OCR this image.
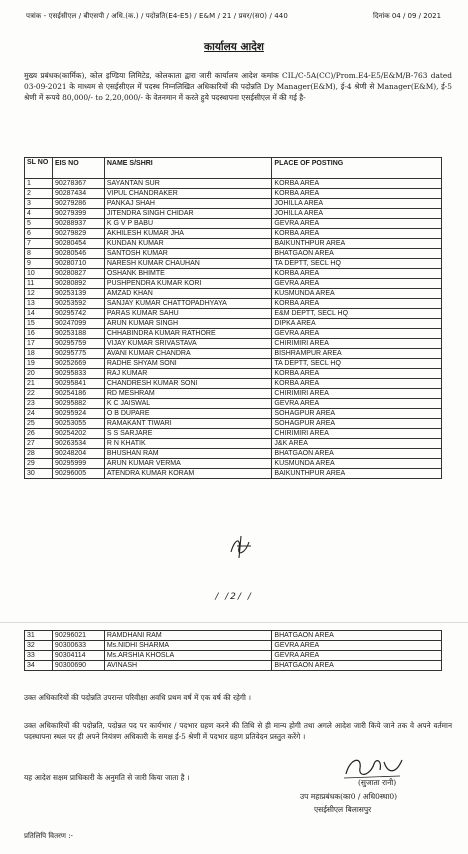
पत्रांक - एसईसीएल / बीएसपी / अधि.(क.) / पदोन्नति(E4-E5) / E&M / 21 / प्रवर/(स0) / 440	दिनांक 04 / 09 / 2021
कार्यालय आदेश
मुख्य प्रबंधक(कार्मिक), कोल इण्डिया लिमिटेड, कोलकाता द्वारा जारी कार्यालय आदेश कमांक CIL/C-5A(CC)/Prom.E4-E5/E&M/B-763 dated 03-09-2021 के माध्यम से एसईसीएल में पदस्थ निम्नलिखित अधिकारियों की पदोन्नति Dy Manager(E&M), ई-4 श्रेणी से Manager(E&M), ई-5 श्रेणी में रूपये 80,000/- to 2,20,000/- के वेतनमान में करते हुये पदस्थापना एसईसीएल में की गई है-
SL NO	EIS NO	NAME S/SHRI	PLACE OF POSTING
1	90278367	SAYANTAN SUR	KORBA AREA
2	90287434	VIPUL CHANDRAKER	KORBA AREA
3	90279286	PANKAJ SHAH	JOHILLA AREA
4	90279399	JITENDRA SINGH CHIDAR	JOHILLA AREA
5	90288937	K G V P BABU	GEVRA AREA
6	90279829	AKHILESH KUMAR JHA	KORBA AREA
7	90280454	KUNDAN KUMAR	BAIKUNTHPUR AREA
8	90280546	SANTOSH KUMAR	BHATGAON AREA
9	90280710	NARESH KUMAR CHAUHAN	TA DEPTT, SECL HQ
10	90280827	OSHANK BHIMTE	KORBA AREA
11	90280892	PUSHPENDRA KUMAR KORI	GEVRA AREA
12	90253139	AMZAD KHAN	KUSMUNDA AREA
13	90253592	SANJAY KUMAR CHATTOPADHYAYA	KORBA AREA
14	90295742	PARAS KUMAR SAHU	E&M DEPTT, SECL HQ
15	90247099	ARUN KUMAR SINGH	DIPKA AREA
16	90253188	CHHABINDRA KUMAR RATHORE	GEVRA AREA
17	90295759	VIJAY KUMAR SRIVASTAVA	CHIRIMIRI AREA
18	90295775	AVANI KUMAR CHANDRA	BISHRAMPUR AREA
19	90252669	RADHE SHYAM SONI	TA DEPTT, SECL HQ
20	90295833	RAJ KUMAR	KORBA AREA
21	90295841	CHANDRESH KUMAR SONI	KORBA AREA
22	90254186	RD MESHRAM	CHIRIMIRI AREA
23	90295882	K C JAISWAL	GEVRA AREA
24	90295924	O B DUPARE	SOHAGPUR AREA
25	90253055	RAMAKANT TIWARI	SOHAGPUR AREA
26	90254202	S S SARJARE	CHIRIMIRI AREA
27	90263534	R N KHATIK	J&K AREA
28	90248204	BHUSHAN RAM	BHATGAON AREA
29	90295999	ARUN KUMAR VERMA	KUSMUNDA AREA
30	90296005	ATENDRA KUMAR KORAM	BAIKUNTHPUR AREA
/ /2/ /
31	90296021	RAMDHANI RAM	BHATGAON AREA
32	90300633	Ms.NIDHI SHARMA	GEVRA AREA
33	90304114	Ms.ARSHIA KHOSLA	GEVRA AREA
34	90300690	AVINASH	BHATGAON AREA
उक्त अधिकारियों की पदोन्नति उपरान्त परिवीक्षा अवधि प्रथम वर्ष में एक वर्ष की रहेगी ।
उक्त अधिकारियों की पदोन्नति, पदोन्नत पद पर कार्यभार / पदभार ग्रहण करने की तिथि से ही मान्य होगी तथा अगले आदेश जारी किये जाने तक वे अपने वर्तमान पदस्थापना स्थल पर ही अपने नियंत्रण अधिकारी के समक्ष ई-5 श्रेणी में पदभार ग्रहण प्रतिवेदन प्रस्तुत करेंगे ।
यह आदेश सक्षम प्राधिकारी के अनुमति से जारी किया जाता है ।
(सुजाता रानी)
उप महाप्रबंधक(का0 / अधि0स्था0)
एसईसीएल बिलासपुर
प्रतिलिपि वितरण :-
